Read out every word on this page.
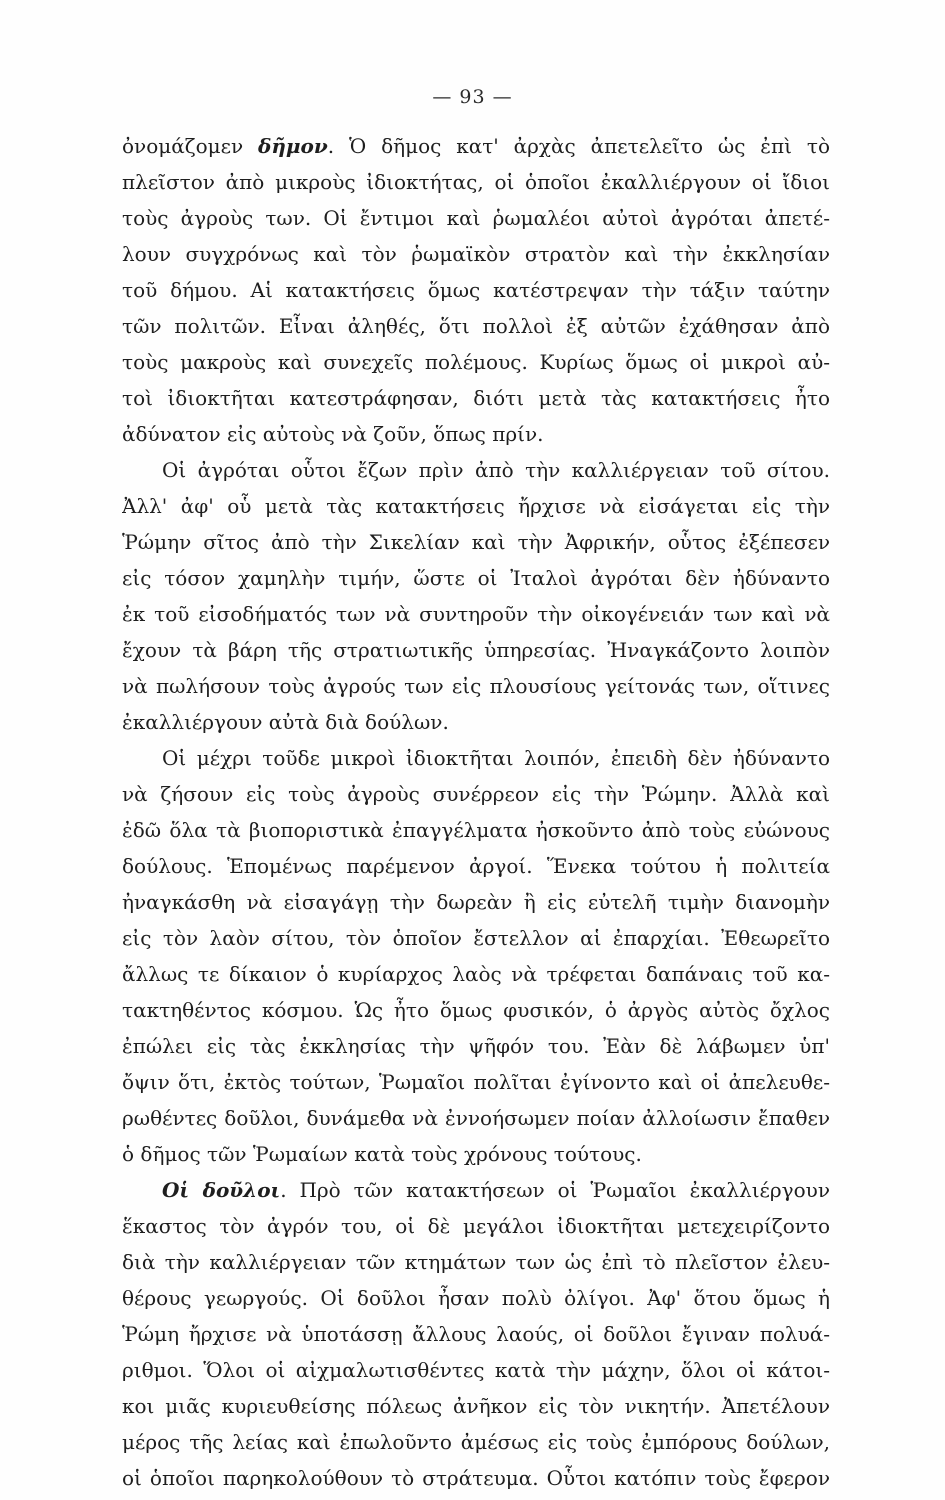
— 93 —
ὀνομάζομεν δῆμον. Ὁ δῆμος κατ' ἀρχὰς ἀπετελεῖτο ὡς ἐπὶ τὸ
πλεῖστον ἀπὸ μικροὺς ἰδιοκτήτας, οἱ ὁποῖοι ἐκαλλιέργουν οἱ ἴδιοι
τοὺς ἀγροὺς των. Οἱ ἔντιμοι καὶ ῥωμαλέοι αὐτοὶ ἀγρόται ἀπετέ-
λουν συγχρόνως καὶ τὸν ῥωμαϊκὸν στρατὸν καὶ τὴν ἐκκλησίαν
τοῦ δήμου. Αἱ κατακτήσεις ὅμως κατέστρεψαν τὴν τάξιν ταύτην
τῶν πολιτῶν. Εἶναι ἀληθές, ὅτι πολλοὶ ἐξ αὐτῶν ἐχάθησαν ἀπὸ
τοὺς μακροὺς καὶ συνεχεῖς πολέμους. Κυρίως ὅμως οἱ μικροὶ αὐ-
τοὶ ἰδιοκτῆται κατεστράφησαν, διότι μετὰ τὰς κατακτήσεις ἦτο
ἀδύνατον εἰς αὐτοὺς νὰ ζοῦν, ὅπως πρίν.
Οἱ ἀγρόται οὗτοι ἔζων πρὶν ἀπὸ τὴν καλλιέργειαν τοῦ σίτου.
Ἀλλ' ἀφ' οὗ μετὰ τὰς κατακτήσεις ἤρχισε νὰ εἰσάγεται εἰς τὴν
Ῥώμην σῖτος ἀπὸ τὴν Σικελίαν καὶ τὴν Ἀφρικήν, οὗτος ἐξέπεσεν
εἰς τόσον χαμηλὴν τιμήν, ὥστε οἱ Ἰταλοὶ ἀγρόται δὲν ἠδύναντο
ἐκ τοῦ εἰσοδήματός των νὰ συντηροῦν τὴν οἰκογένειάν των καὶ νὰ
ἔχουν τὰ βάρη τῆς στρατιωτικῆς ὑπηρεσίας. Ἠναγκάζοντο λοιπὸν
νὰ πωλήσουν τοὺς ἀγρούς των εἰς πλουσίους γείτονάς των, οἵτινες
ἐκαλλιέργουν αὐτὰ διὰ δούλων.
Οἱ μέχρι τοῦδε μικροὶ ἰδιοκτῆται λοιπόν, ἐπειδὴ δὲν ἠδύναντο
νὰ ζήσουν εἰς τοὺς ἀγροὺς συνέρρεον εἰς τὴν Ῥώμην. Ἀλλὰ καὶ
ἐδῶ ὅλα τὰ βιοποριστικὰ ἐπαγγέλματα ἠσκοῦντο ἀπὸ τοὺς εὐώνους
δούλους. Ἑπομένως παρέμενον ἀργοί. Ἕνεκα τούτου ἡ πολιτεία
ἠναγκάσθη νὰ εἰσαγάγῃ τὴν δωρεὰν ἢ εἰς εὐτελῆ τιμὴν διανομὴν
εἰς τὸν λαὸν σίτου, τὸν ὁποῖον ἔστελλον αἱ ἐπαρχίαι. Ἐθεωρεῖτο
ἄλλως τε δίκαιον ὁ κυρίαρχος λαὸς νὰ τρέφεται δαπάναις τοῦ κα-
τακτηθέντος κόσμου. Ὡς ἦτο ὅμως φυσικόν, ὁ ἀργὸς αὐτὸς ὄχλος
ἐπώλει εἰς τὰς ἐκκλησίας τὴν ψῆφόν του. Ἐὰν δὲ λάβωμεν ὑπ'
ὄψιν ὅτι, ἐκτὸς τούτων, Ῥωμαῖοι πολῖται ἐγίνοντο καὶ οἱ ἀπελευθε-
ρωθέντες δοῦλοι, δυνάμεθα νὰ ἐννοήσωμεν ποίαν ἀλλοίωσιν ἔπαθεν
ὁ δῆμος τῶν Ῥωμαίων κατὰ τοὺς χρόνους τούτους.
Οἱ δοῦλοι. Πρὸ τῶν κατακτήσεων οἱ Ῥωμαῖοι ἐκαλλιέργουν
ἕκαστος τὸν ἀγρόν του, οἱ δὲ μεγάλοι ἰδιοκτῆται μετεχειρίζοντο
διὰ τὴν καλλιέργειαν τῶν κτημάτων των ὡς ἐπὶ τὸ πλεῖστον ἐλευ-
θέρους γεωργούς. Οἱ δοῦλοι ἦσαν πολὺ ὀλίγοι. Ἀφ' ὅτου ὅμως ἡ
Ῥώμη ἤρχισε νὰ ὑποτάσσῃ ἄλλους λαούς, οἱ δοῦλοι ἔγιναν πολυά-
ριθμοι. Ὅλοι οἱ αἰχμαλωτισθέντες κατὰ τὴν μάχην, ὅλοι οἱ κάτοι-
κοι μιᾶς κυριευθείσης πόλεως ἀνῆκον εἰς τὸν νικητήν. Ἀπετέλουν
μέρος τῆς λείας καὶ ἐπωλοῦντο ἀμέσως εἰς τοὺς ἐμπόρους δούλων,
οἱ ὁποῖοι παρηκολούθουν τὸ στράτευμα. Οὗτοι κατόπιν τοὺς ἔφερον
